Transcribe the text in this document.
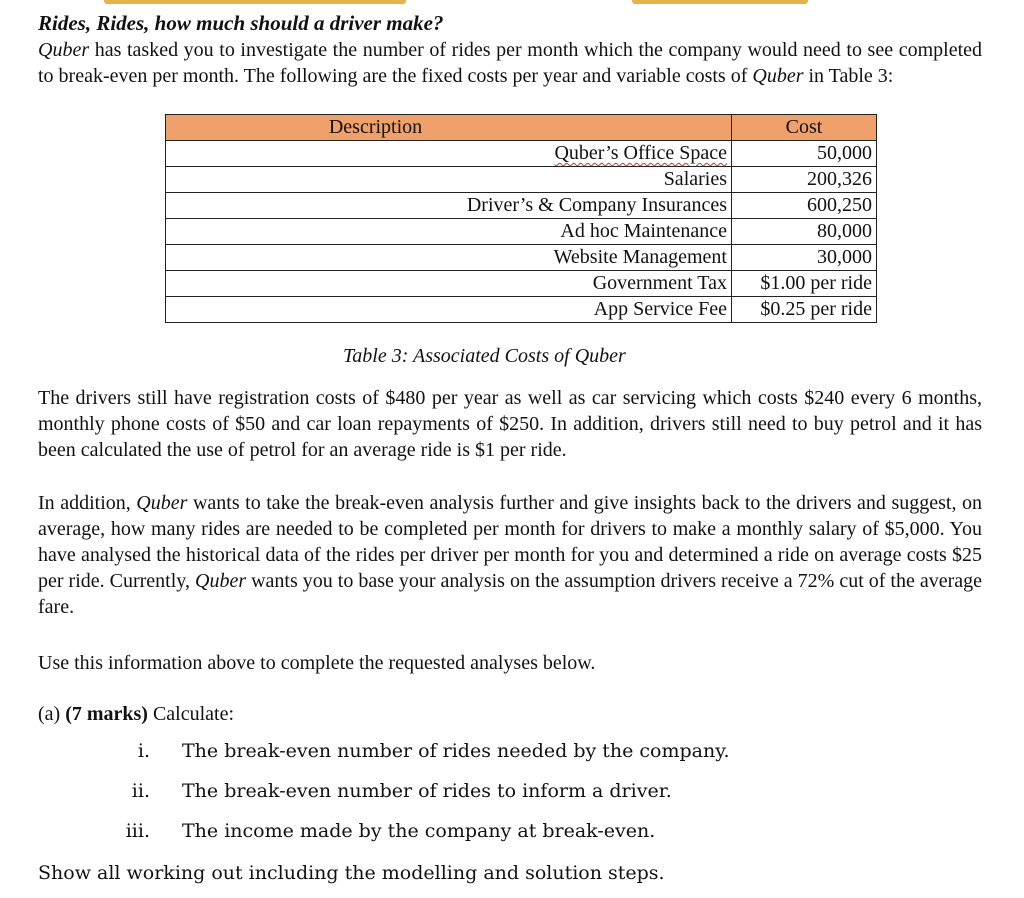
Rides, Rides, how much should a driver make?

Quber has tasked you to investigate the number of rides per month which the company would need to see completed to break-even per month. The following are the fixed costs per year and variable costs of Quber in Table 3:

Description	Cost
Quber’s Office Space	50,000
Salaries	200,326
Driver’s & Company Insurances	600,250
Ad hoc Maintenance	80,000
Website Management	30,000
Government Tax	$1.00 per ride
App Service Fee	$0.25 per ride
Table 3: Associated Costs of Quber

The drivers still have registration costs of $480 per year as well as car servicing which costs $240 every 6 months, monthly phone costs of $50 and car loan repayments of $250. In addition, drivers still need to buy petrol and it has been calculated the use of petrol for an average ride is $1 per ride.

In addition, Quber wants to take the break-even analysis further and give insights back to the drivers and suggest, on average, how many rides are needed to be completed per month for drivers to make a monthly salary of $5,000. You have analysed the historical data of the rides per driver per month for you and determined a ride on average costs $25 per ride. Currently, Quber wants you to base your analysis on the assumption drivers receive a 72% cut of the average fare.

Use this information above to complete the requested analyses below.

(a) (7 marks) Calculate:
i. The break-even number of rides needed by the company.
ii. The break-even number of rides to inform a driver.
iii. The income made by the company at break-even.
Show all working out including the modelling and solution steps.
